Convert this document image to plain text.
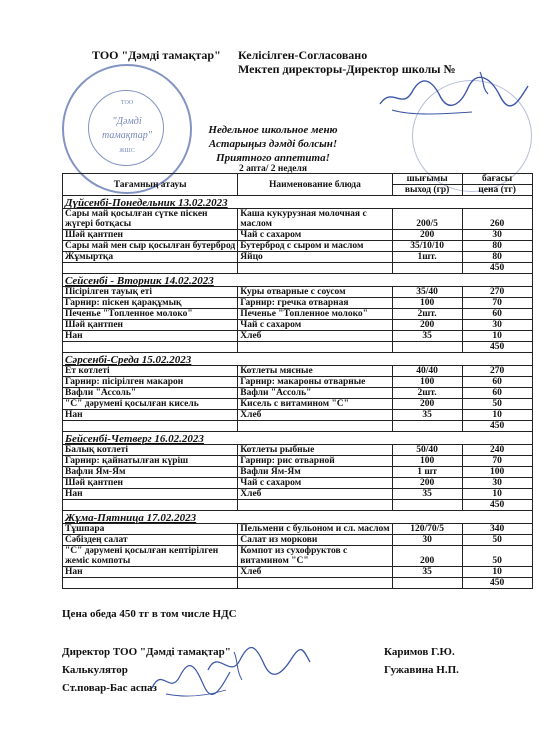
ТОО "Дәмді тамақтар" Келісілген-Согласовано
Мектеп директоры-Директор школы №
ТОО
"Дәмді
тамақтар"
ЖШС
Недельное школьное меню
Астарыңыз дәмді болсын!
Приятного аппетита!
2 апта/ 2 неделя
Тағамның атауы	Наименование блюда	шығымы	бағасы
		выход (гр)	цена (тг)
Дүйсенбі-Понедельник 13.02.2023			
Сары май қосылған сүтке піскен жүгері ботқасы	Каша кукурузная молочная с маслом	200/5	260
Шәй қантпен	Чай с сахаром	200	30
Сары май мен сыр қосылған бутерброд	Бутерброд с сыром и маслом	35/10/10	80
Жұмыртқа	Яйцо	1шт.	80
			450
Сейсенбі - Вторник 14.02.2023			
Пісірілген тауық еті	Куры отварные с соусом	35/40	270
Гарнир: піскен қарақұмық	Гарнир: гречка отварная	100	70
Печенье "Топленное молоко"	Печенье "Топленное молоко"	2шт.	60
Шәй қантпен	Чай с сахаром	200	30
Нан	Хлеб	35	10
			450
Сәрсенбі-Среда 15.02.2023			
Ет котлеті	Котлеты мясные	40/40	270
Гарнир: пісірілген макарон	Гарнир: макароны отварные	100	60
Вафли "Ассоль"	Вафли "Ассоль"	2шт.	60
"С" дәрумені қосылған кисель	Кисель с витамином "С"	200	50
Нан	Хлеб	35	10
			450
Бейсенбі-Четверг 16.02.2023			
Балық котлеті	Котлеты рыбные	50/40	240
Гарнир: қайнатылған күріш	Гарнир: рис отварной	100	70
Вафли Ям-Ям	Вафли Ям-Ям	1 шт	100
Шәй қантпен	Чай с сахаром	200	30
Нан	Хлеб	35	10
			450
Жұма-Пятница 17.02.2023			
Тұшпара	Пельмени с бульоном и сл. маслом	120/70/5	340
Сәбіздең салат	Салат из моркови	30	50
"С" дәрумені қосылған кептірілген жеміс компоты	Компот из сухофруктов с витамином "С"	200	50
Нан	Хлеб	35	10
			450
Цена обеда 450 тг в том числе НДС
Директор ТОО "Дәмді тамақтар"	Каримов Г.Ю.
Калькулятор	Гужавина Н.П.
Ст.повар-Бас аспаз
